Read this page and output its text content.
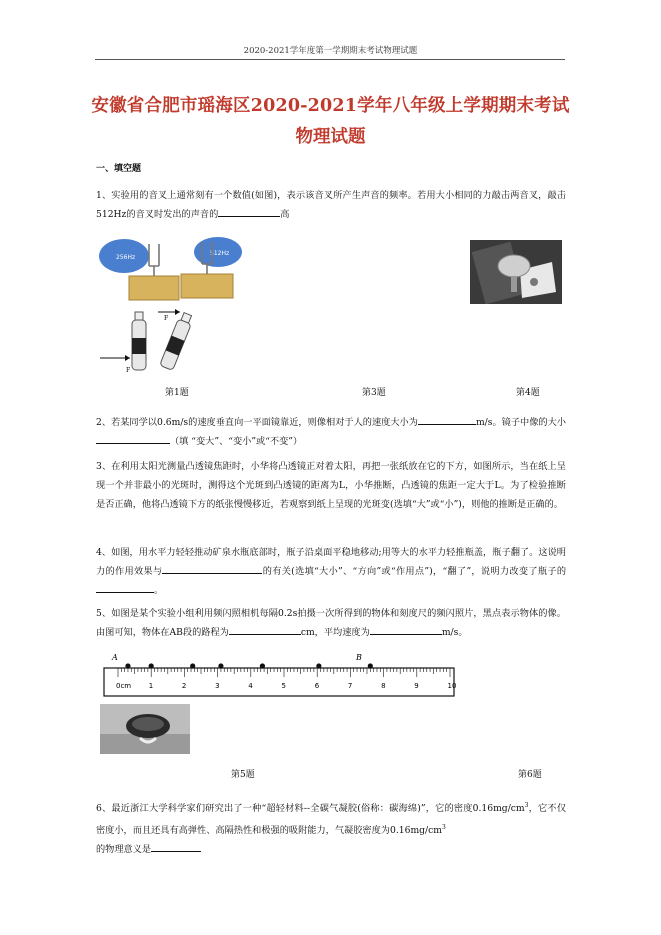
2020-2021学年度第一学期期末考试物理试题
安徽省合肥市瑶海区2020-2021学年八年级上学期期末考试
物理试题
一、填空题
1、实验用的音叉上通常刻有一个数值(如图)，表示该音叉所产生声音的频率。若用大小相同的力敲击两音叉，敲击512Hz的音叉时发出的声音的	高
256Hz
512Hz
F
F
第1题	第3题	第4题
2、若某同学以0.6m/s的速度垂直向一平面镜靠近，则像相对于人的速度大小为	m/s。镜子中像的大小（填 “变大”、“变小”或“不变”）
3、在利用太阳光测量凸透镜焦距时，小华将凸透镜正对着太阳，再把一张纸放在它的下方，如图所示，当在纸上呈现一个并非最小的光斑时，测得这个光斑到凸透镜的距离为L，小华推断，凸透镜的焦距一定大于L。为了检验推断是否正确，他将凸透镜下方的纸张慢慢移近，若观察到纸上呈现的光斑变(选填“大”或“小”)，则他的推断是正确的。
4、如图，用水平力轻轻推动矿泉水瓶底部时，瓶子沿桌面平稳地移动;用等大的水平力轻推瓶盖，瓶子翻了。这说明力的作用效果与	的有关(选填“大小”、“方向”或“作用点”)，“翻了”，说明力改变了瓶子的。
5、如图是某个实验小组利用频闪照相机每隔0.2s拍摄一次所得到的物体和刻度尺的频闪照片，黑点表示物体的像。由图可知，物体在AB段的路程为	cm，平均速度为	m/s。
A	B
0cm	1	2	3	4	5	6	7	8	9	10
第5题	第6题
6、最近浙江大学科学家们研究出了一种“超轻材料--全碳气凝胶(俗称：碳海绵)”，它的密度$0.16mg/cm^3$，它不仅密度小，而且还具有高弹性、高隔热性和极强的吸附能力，气凝胶密度为$0.16mg/cm^3$
的物理意义是
